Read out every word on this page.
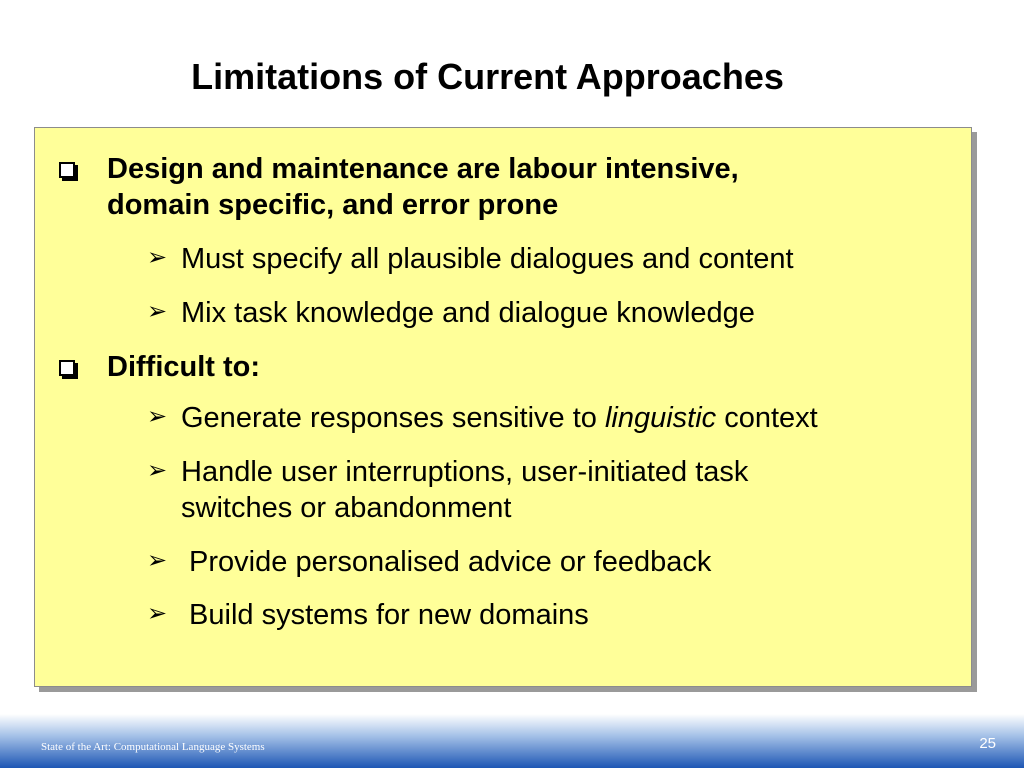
Limitations of Current Approaches
Design and maintenance are labour intensive,
domain specific, and error prone
➢ Must specify all plausible dialogues and content
➢ Mix task knowledge and dialogue knowledge
Difficult to:
➢ Generate responses sensitive to linguistic context
➢ Handle user interruptions, user-initiated task
switches or abandonment
➢ Provide personalised advice or feedback
➢ Build systems for new domains
State of the Art: Computational Language Systems	25
